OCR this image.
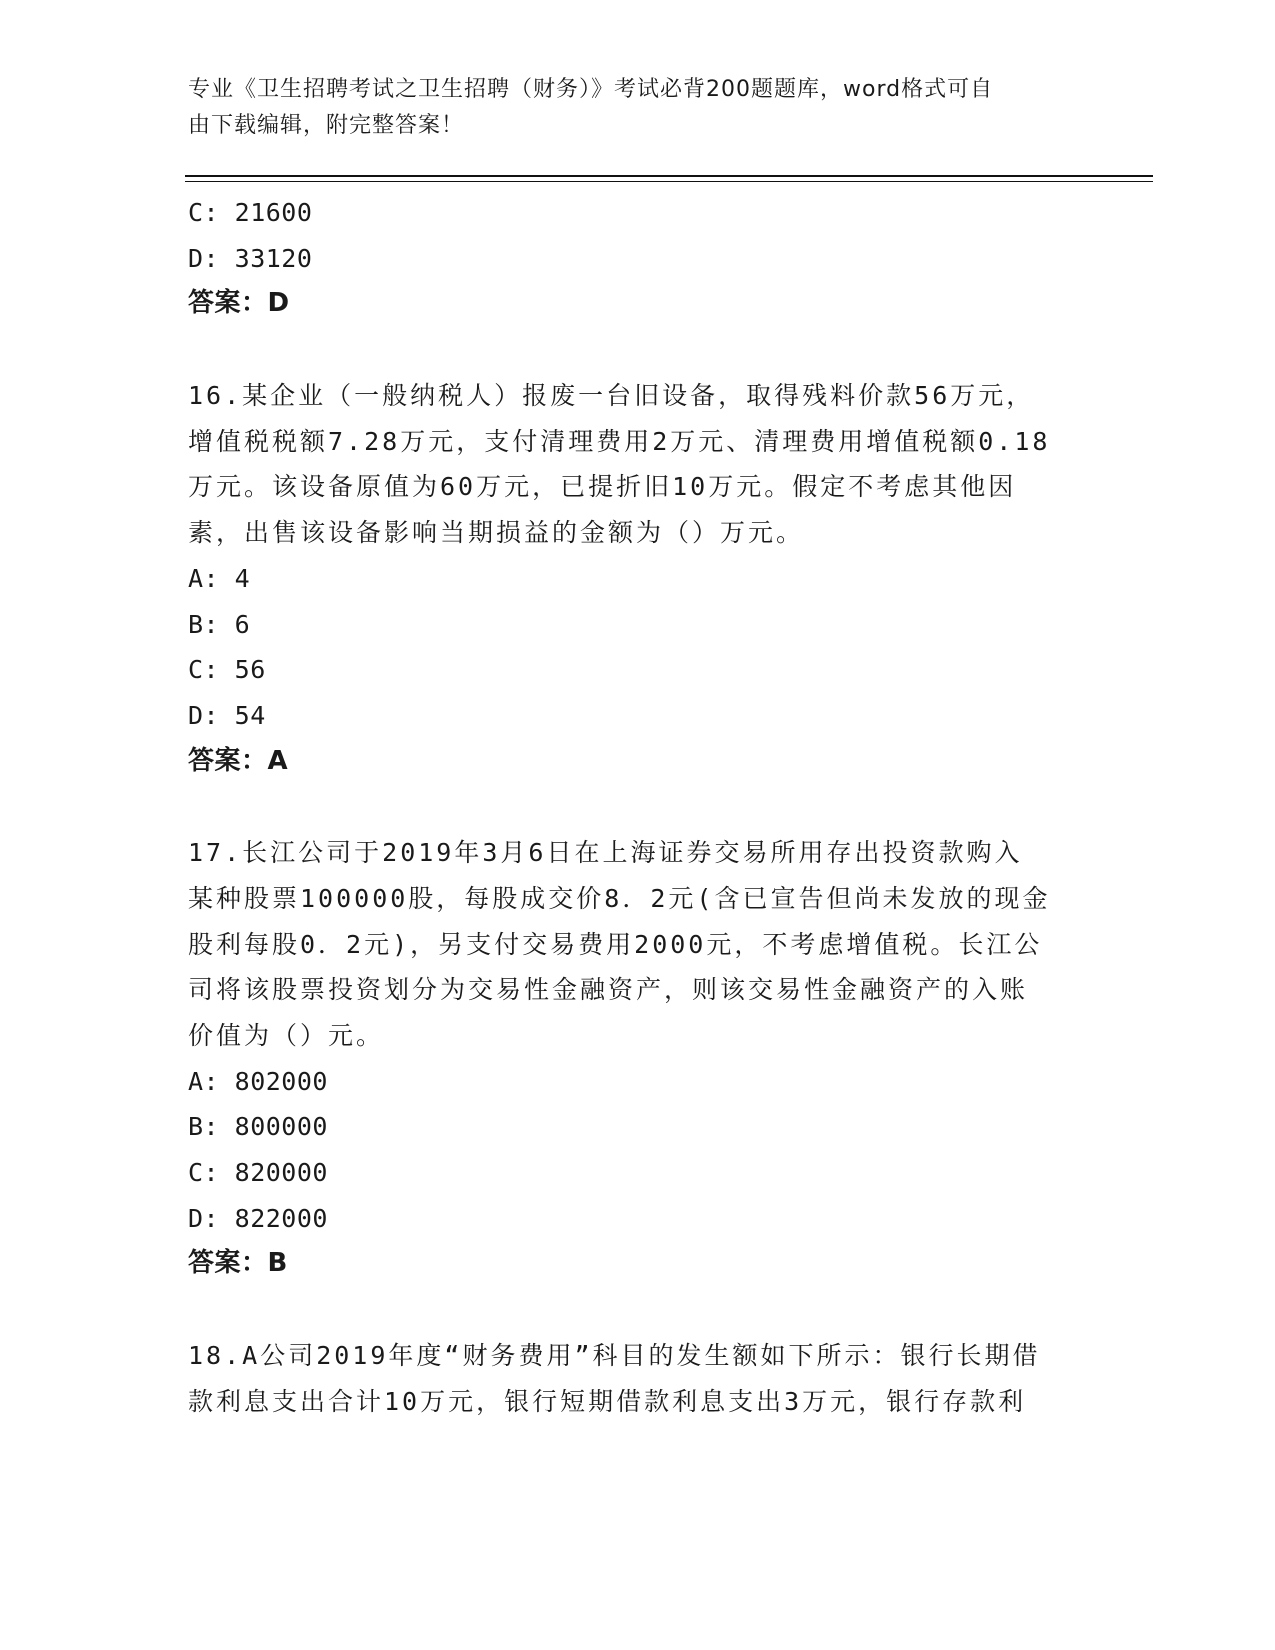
专业《卫生招聘考试之卫生招聘（财务）》考试必背200题题库，word格式可自
由下载编辑，附完整答案！
C: 21600
D: 33120
答案：D
16.某企业（一般纳税人）报废一台旧设备，取得残料价款56万元，
增值税税额7.28万元，支付清理费用2万元、清理费用增值税额0.18
万元。该设备原值为60万元，已提折旧10万元。假定不考虑其他因
素，出售该设备影响当期损益的金额为（）万元。
A: 4
B: 6
C: 56
D: 54
答案：A
17.长江公司于2019年3月6日在上海证券交易所用存出投资款购入
某种股票100000股，每股成交价8．2元(含已宣告但尚未发放的现金
股利每股0．2元)，另支付交易费用2000元，不考虑增值税。长江公
司将该股票投资划分为交易性金融资产，则该交易性金融资产的入账
价值为（）元。
A: 802000
B: 800000
C: 820000
D: 822000
答案：B
18.A公司2019年度“财务费用”科目的发生额如下所示：银行长期借
款利息支出合计10万元，银行短期借款利息支出3万元，银行存款利
